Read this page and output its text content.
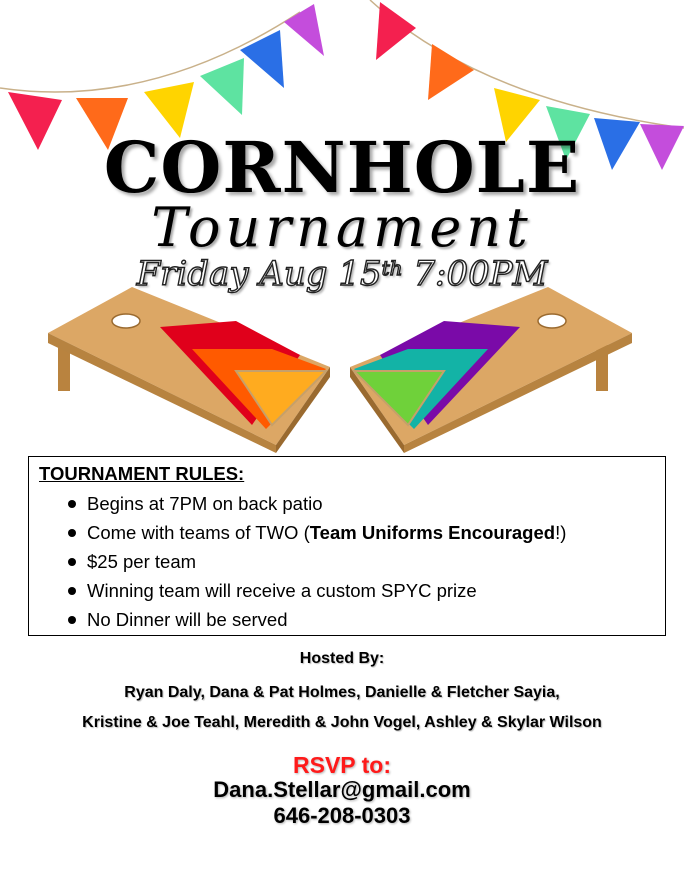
CORNHOLE
Tournament
Friday Aug 15th 7:00PM
TOURNAMENT RULES:
Begins at 7PM on back patio
Come with teams of TWO (Team Uniforms Encouraged!)
$25 per team
Winning team will receive a custom SPYC prize
No Dinner will be served
Hosted By:
Ryan Daly, Dana & Pat Holmes, Danielle & Fletcher Sayia,
Kristine & Joe Teahl, Meredith & John Vogel, Ashley & Skylar Wilson
RSVP to:
Dana.Stellar@gmail.com
646-208-0303
